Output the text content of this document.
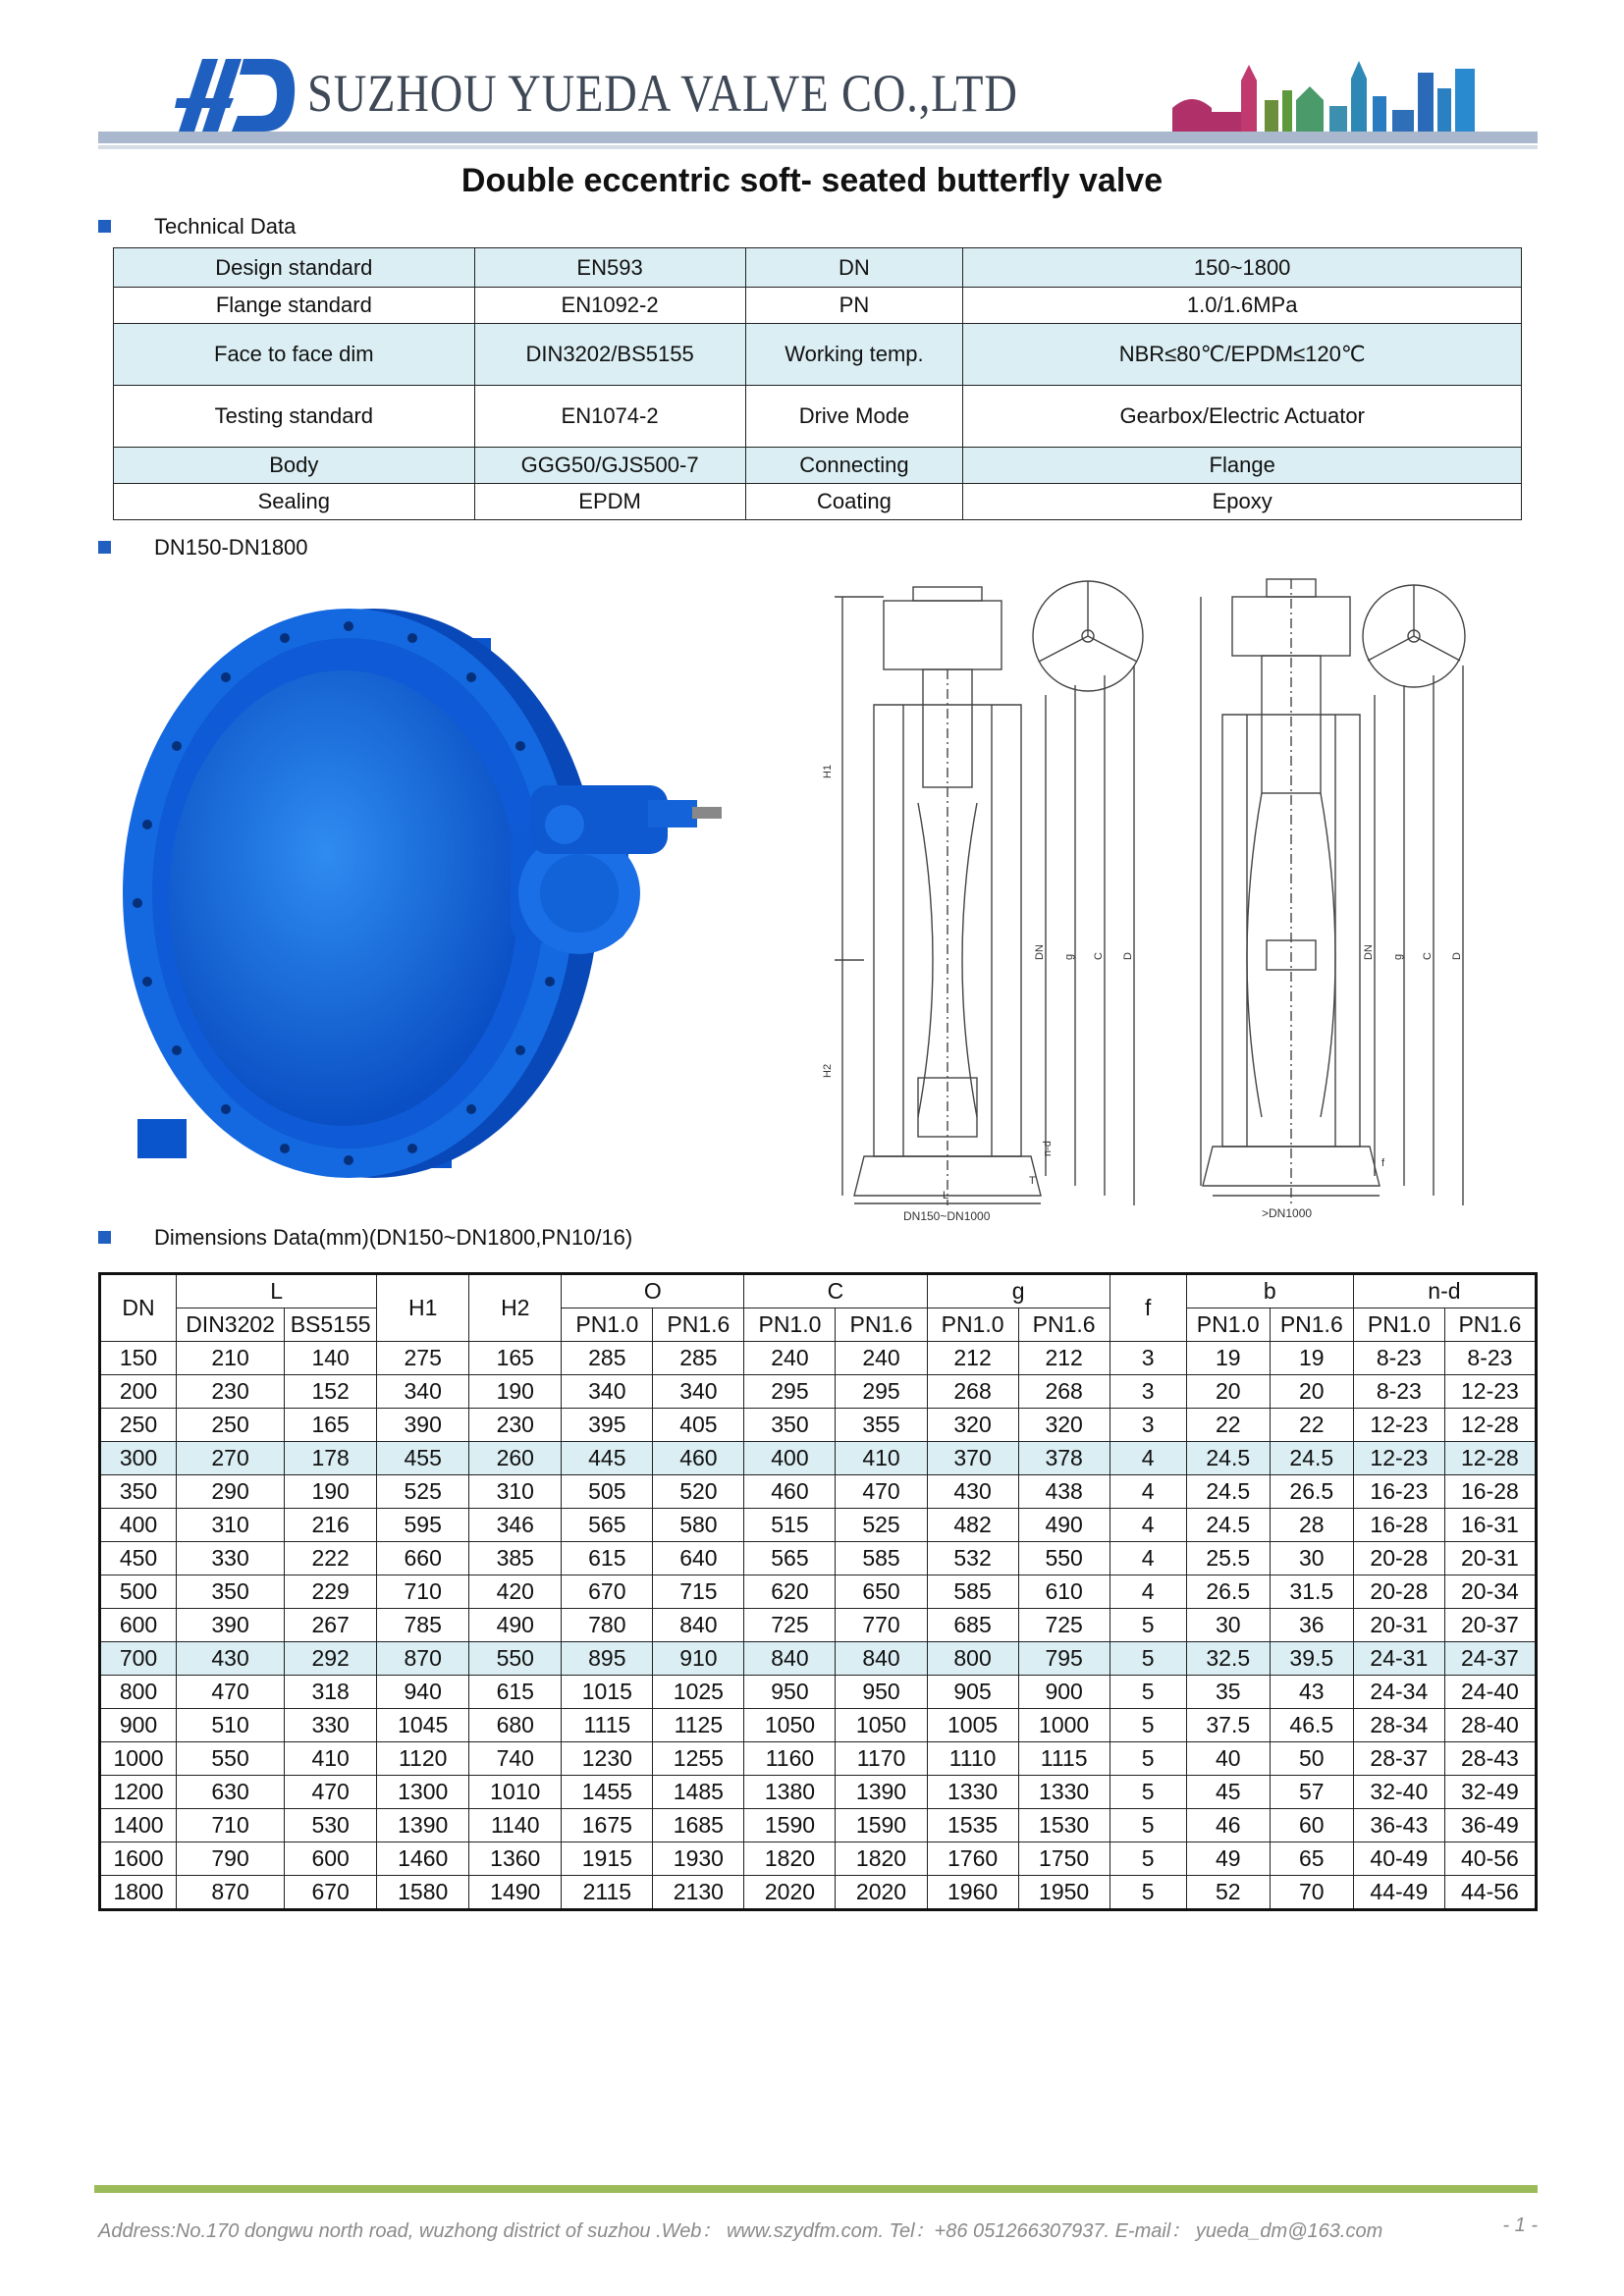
SUZHOU YUEDA VALVE CO.,LTD
Double eccentric soft- seated butterfly valve
Technical Data
Design standard	EN593	DN	150~1800
Flange standard	EN1092-2	PN	1.0/1.6MPa
Face to face dim	DIN3202/BS5155	Working temp.	NBR≤80℃/EPDM≤120℃
Testing standard	EN1074-2	Drive Mode	Gearbox/Electric Actuator
Body	GGG50/GJS500-7	Connecting	Flange
Sealing	EPDM	Coating	Epoxy
DN150-DN1800
H1
H2
DN g C D
n-d
T
L
DN150~DN1000
DN g C D
f
>DN1000
Dimensions Data(mm)(DN150~DN1800,PN10/16)
DN	L		H1	H2	O		C		g		f	b		n-d	
	DIN3202	BS5155			PN1.0	PN1.6	PN1.0	PN1.6	PN1.0	PN1.6		PN1.0	PN1.6	PN1.0	PN1.6
150	210	140	275	165	285	285	240	240	212	212	3	19	19	8-23	8-23
200	230	152	340	190	340	340	295	295	268	268	3	20	20	8-23	12-23
250	250	165	390	230	395	405	350	355	320	320	3	22	22	12-23	12-28
300	270	178	455	260	445	460	400	410	370	378	4	24.5	24.5	12-23	12-28
350	290	190	525	310	505	520	460	470	430	438	4	24.5	26.5	16-23	16-28
400	310	216	595	346	565	580	515	525	482	490	4	24.5	28	16-28	16-31
450	330	222	660	385	615	640	565	585	532	550	4	25.5	30	20-28	20-31
500	350	229	710	420	670	715	620	650	585	610	4	26.5	31.5	20-28	20-34
600	390	267	785	490	780	840	725	770	685	725	5	30	36	20-31	20-37
700	430	292	870	550	895	910	840	840	800	795	5	32.5	39.5	24-31	24-37
800	470	318	940	615	1015	1025	950	950	905	900	5	35	43	24-34	24-40
900	510	330	1045	680	1115	1125	1050	1050	1005	1000	5	37.5	46.5	28-34	28-40
1000	550	410	1120	740	1230	1255	1160	1170	1110	1115	5	40	50	28-37	28-43
1200	630	470	1300	1010	1455	1485	1380	1390	1330	1330	5	45	57	32-40	32-49
1400	710	530	1390	1140	1675	1685	1590	1590	1535	1530	5	46	60	36-43	36-49
1600	790	600	1460	1360	1915	1930	1820	1820	1760	1750	5	49	65	40-49	40-56
1800	870	670	1580	1490	2115	2130	2020	2020	1960	1950	5	52	70	44-49	44-56
Address:No.170 dongwu north road, wuzhong district of suzhou .Web： www.szydfm.com. Tel：+86 051266307937. E-mail： yueda_dm@163.com	- 1 -
